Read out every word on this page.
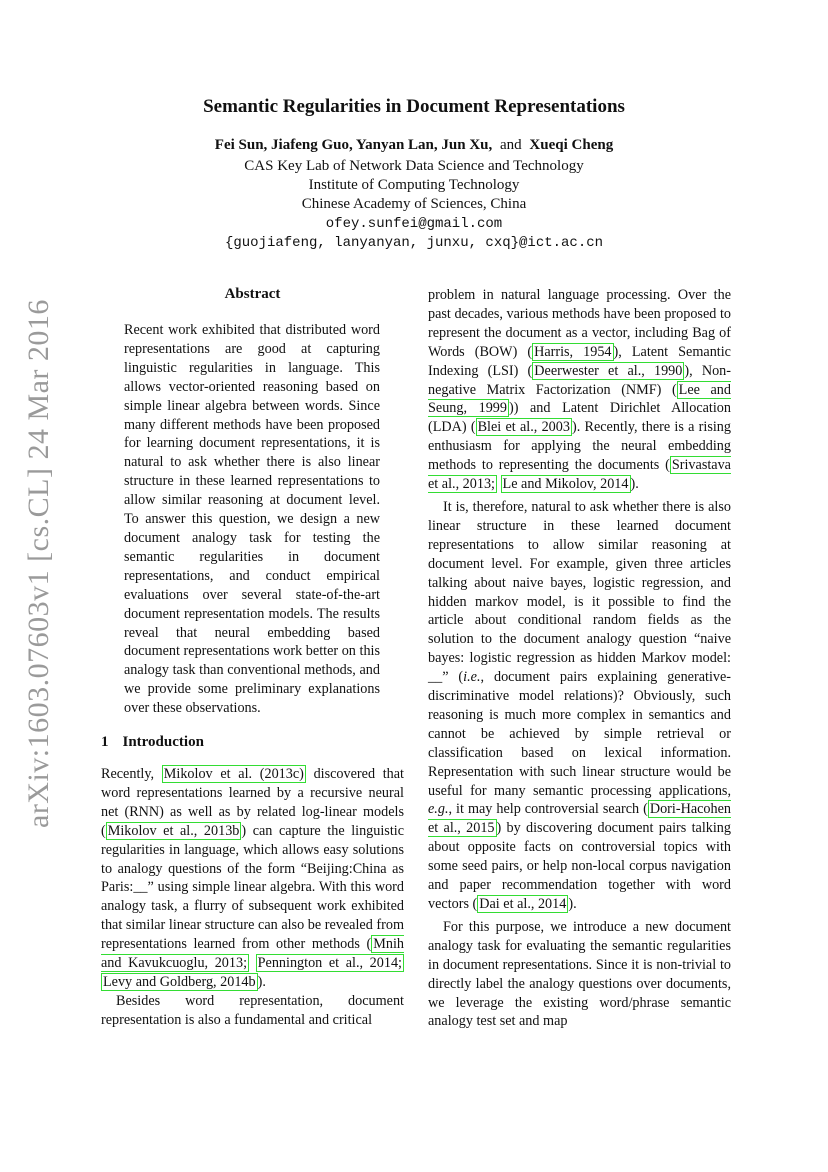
arXiv:1603.07603v1 [cs.CL] 24 Mar 2016
Semantic Regularities in Document Representations
Fei Sun, Jiafeng Guo, Yanyan Lan, Jun Xu, and Xueqi Cheng
CAS Key Lab of Network Data Science and Technology
Institute of Computing Technology
Chinese Academy of Sciences, China
ofey.sunfei@gmail.com
{guojiafeng, lanyanyan, junxu, cxq}@ict.ac.cn
Abstract
Recent work exhibited that distributed word representations are good at capturing linguistic regularities in language. This allows vector-oriented reasoning based on simple linear algebra between words. Since many different methods have been proposed for learning document representations, it is natural to ask whether there is also linear structure in these learned representations to allow similar reasoning at document level. To answer this question, we design a new document analogy task for testing the semantic regularities in document representations, and conduct empirical evaluations over several state-of-the-art document representation models. The results reveal that neural embedding based document representations work better on this analogy task than conventional methods, and we provide some preliminary explanations over these observations.
1 Introduction

Recently, Mikolov et al. (2013c) discovered that word representations learned by a recursive neural net (RNN) as well as by related log-linear models ( Mikolov et al., 2013b ) can capture the linguistic regularities in language, which allows easy solutions to analogy questions of the form “Beijing:China as Paris:__” using simple linear algebra. With this word analogy task, a flurry of subsequent work exhibited that similar linear structure can also be revealed from representations learned from other methods ( Mnih and Kavukcuoglu, 2013; Pennington et al., 2014; Levy and Goldberg, 2014b ).

Besides word representation, document representation is also a fundamental and critical

problem in natural language processing. Over the past decades, various methods have been proposed to represent the document as a vector, including Bag of Words (BOW) ( Harris, 1954 ), Latent Semantic Indexing (LSI) ( Deerwester et al., 1990 ), Non-negative Matrix Factorization (NMF) ( Lee and Seung, 1999 )) and Latent Dirichlet Allocation (LDA) ( Blei et al., 2003 ). Recently, there is a rising enthusiasm for applying the neural embedding methods to representing the documents ( Srivastava et al., 2013; Le and Mikolov, 2014 ).

It is, therefore, natural to ask whether there is also linear structure in these learned document representations to allow similar reasoning at document level. For example, given three articles talking about naive bayes, logistic regression, and hidden markov model, is it possible to find the article about conditional random fields as the solution to the document analogy question “naive bayes: logistic regression as hidden Markov model: __” (i.e., document pairs explaining generative-discriminative model relations)? Obviously, such reasoning is much more complex in semantics and cannot be achieved by simple retrieval or classification based on lexical information. Representation with such linear structure would be useful for many semantic processing applications, e.g., it may help controversial search ( Dori-Hacohen et al., 2015 ) by discovering document pairs talking about opposite facts on controversial topics with some seed pairs, or help non-local corpus navigation and paper recommendation together with word vectors ( Dai et al., 2014 ).

For this purpose, we introduce a new document analogy task for evaluating the semantic regularities in document representations. Since it is non-trivial to directly label the analogy questions over documents, we leverage the existing word/phrase semantic analogy test set and map
